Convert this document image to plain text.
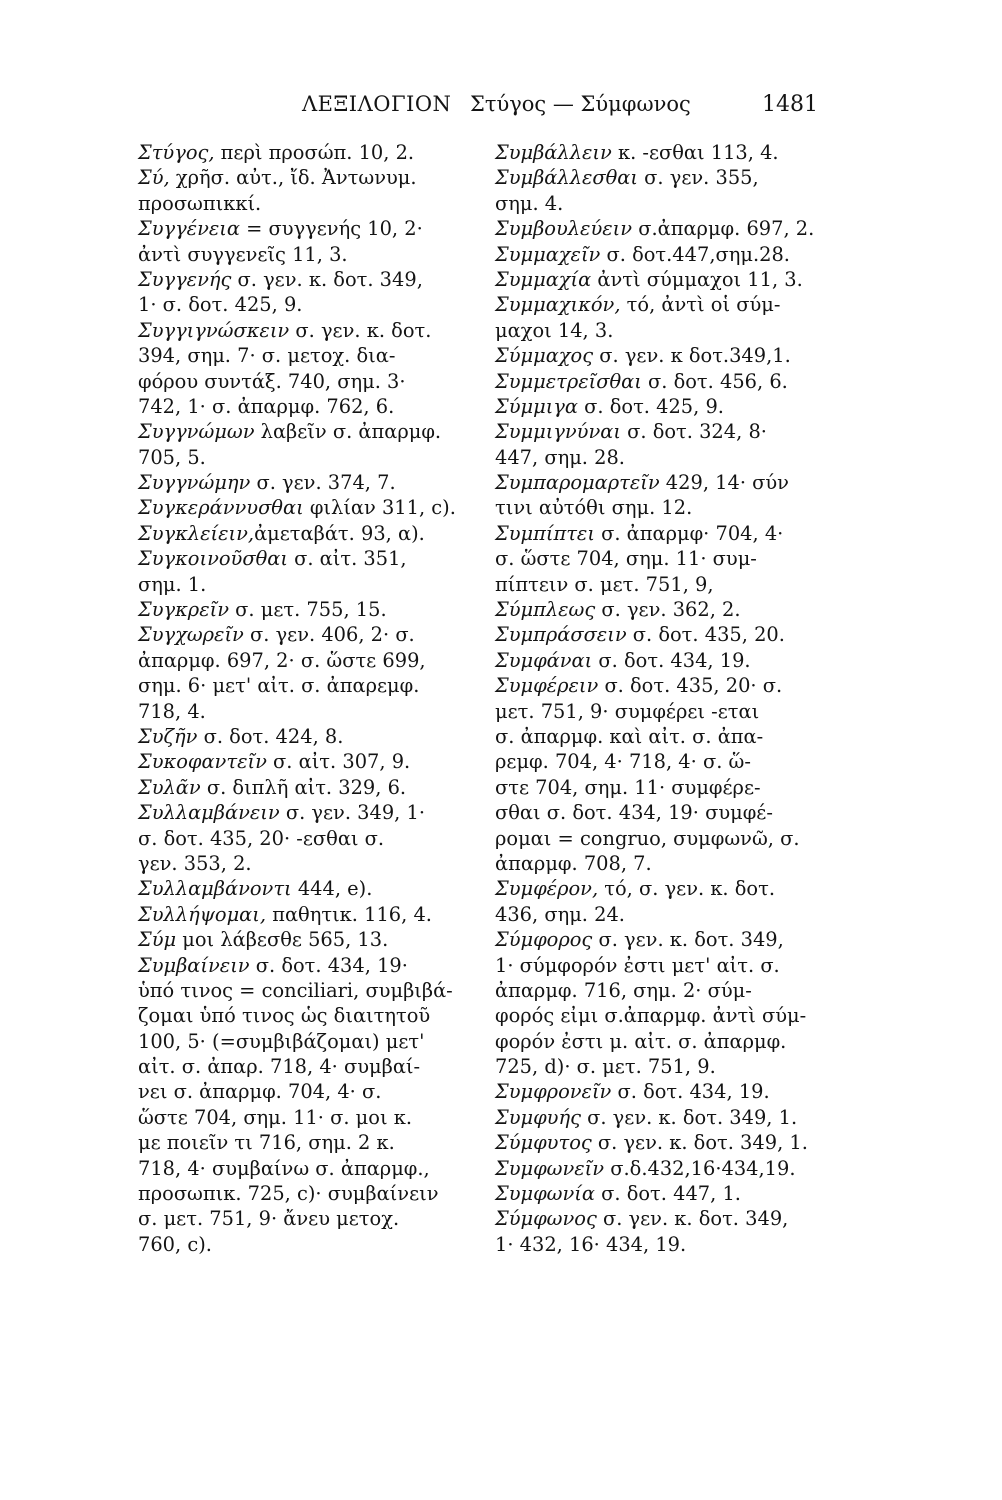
ΛΕΞΙΛΟΓΙΟΝ Στύγος — Σύμφωνος	1481
Στύγος, περὶ προσώπ. 10, 2.
Σύ, χρῆσ. αὐτ., ἴδ. Ἀντωνυμ.
προσωπικκί.
Συγγένεια = συγγενής 10, 2·
ἀντὶ συγγενεῖς 11, 3.
Συγγενής σ. γεν. κ. δοτ. 349,
1· σ. δοτ. 425, 9.
Συγγιγνώσκειν σ. γεν. κ. δοτ.
394, σημ. 7· σ. μετοχ. δια-
φόρου συντάξ. 740, σημ. 3·
742, 1· σ. ἀπαρμφ. 762, 6.
Συγγνώμων λαβεῖν σ. ἀπαρμφ.
705, 5.
Συγγνώμην σ. γεν. 374, 7.
Συγκεράννυσθαι φιλίαν 311, c).
Συγκλείειν,ἀμεταβάτ. 93, α).
Συγκοινοῦσθαι σ. αἰτ. 351,
σημ. 1.
Συγκρεῖν σ. μετ. 755, 15.
Συγχωρεῖν σ. γεν. 406, 2· σ.
ἀπαρμφ. 697, 2· σ. ὥστε 699,
σημ. 6· μετ' αἰτ. σ. ἀπαρεμφ.
718, 4.
Συζῆν σ. δοτ. 424, 8.
Συκοφαντεῖν σ. αἰτ. 307, 9.
Συλᾶν σ. διπλῆ αἰτ. 329, 6.
Συλλαμβάνειν σ. γεν. 349, 1·
σ. δοτ. 435, 20· -εσθαι σ.
γεν. 353, 2.
Συλλαμβάνοντι 444, e).
Συλλήψομαι, παθητικ. 116, 4.
Σύμ μοι λάβεσθε 565, 13.
Συμβαίνειν σ. δοτ. 434, 19·
ὑπό τινος = conciliari, συμβιβά-
ζομαι ὑπό τινος ὡς διαιτητοῦ
100, 5· (=συμβιβάζομαι) μετ'
αἰτ. σ. ἀπαρ. 718, 4· συμβαί-
νει σ. ἀπαρμφ. 704, 4· σ.
ὥστε 704, σημ. 11· σ. μοι κ.
με ποιεῖν τι 716, σημ. 2 κ.
718, 4· συμβαίνω σ. ἀπαρμφ.,
προσωπικ. 725, c)· συμβαίνειν
σ. μετ. 751, 9· ἄνευ μετοχ.
760, c).
Συμβάλλειν κ. -εσθαι 113, 4.
Συμβάλλεσθαι σ. γεν. 355,
σημ. 4.
Συμβουλεύειν σ.ἀπαρμφ. 697, 2.
Συμμαχεῖν σ. δοτ.447,σημ.28.
Συμμαχία ἀντὶ σύμμαχοι 11, 3.
Συμμαχικόν, τό, ἀντὶ οἱ σύμ-
μαχοι 14, 3.
Σύμμαχος σ. γεν. κ δοτ.349,1.
Συμμετρεῖσθαι σ. δοτ. 456, 6.
Σύμμιγα σ. δοτ. 425, 9.
Συμμιγνύναι σ. δοτ. 324, 8·
447, σημ. 28.
Συμπαρομαρτεῖν 429, 14· σύν
τινι αὐτόθι σημ. 12.
Συμπίπτει σ. ἀπαρμφ· 704, 4·
σ. ὥστε 704, σημ. 11· συμ-
πίπτειν σ. μετ. 751, 9,
Σύμπλεως σ. γεν. 362, 2.
Συμπράσσειν σ. δοτ. 435, 20.
Συμφάναι σ. δοτ. 434, 19.
Συμφέρειν σ. δοτ. 435, 20· σ.
μετ. 751, 9· συμφέρει -εται
σ. ἀπαρμφ. καὶ αἰτ. σ. ἀπα-
ρεμφ. 704, 4· 718, 4· σ. ὥ-
στε 704, σημ. 11· συμφέρε-
σθαι σ. δοτ. 434, 19· συμφέ-
ρομαι = congruo, συμφωνῶ, σ.
ἀπαρμφ. 708, 7.
Συμφέρον, τό, σ. γεν. κ. δοτ.
436, σημ. 24.
Σύμφορος σ. γεν. κ. δοτ. 349,
1· σύμφορόν ἐστι μετ' αἰτ. σ.
ἀπαρμφ. 716, σημ. 2· σύμ-
φορός εἰμι σ.ἀπαρμφ. ἀντὶ σύμ-
φορόν ἐστι μ. αἰτ. σ. ἀπαρμφ.
725, d)· σ. μετ. 751, 9.
Συμφρονεῖν σ. δοτ. 434, 19.
Συμφυής σ. γεν. κ. δοτ. 349, 1.
Σύμφυτος σ. γεν. κ. δοτ. 349, 1.
Συμφωνεῖν σ.δ.432,16·434,19.
Συμφωνία σ. δοτ. 447, 1.
Σύμφωνος σ. γεν. κ. δοτ. 349,
1· 432, 16· 434, 19.
